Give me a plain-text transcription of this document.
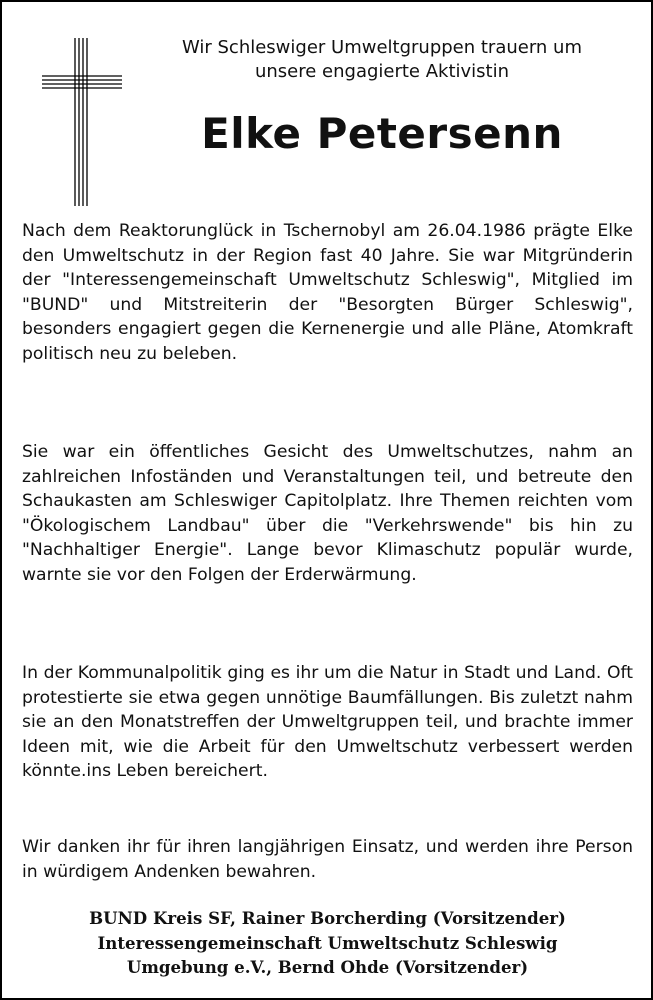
Wir Schleswiger Umweltgruppen trauern um
unsere engagierte Aktivistin
Elke Petersenn

Nach dem Reaktorunglück in Tschernobyl am 26.04.1986 prägte Elke den Umweltschutz in der Region fast 40 Jahre. Sie war Mitgründerin der "Interessengemeinschaft Umweltschutz Schleswig", Mitglied im "BUND" und Mitstreiterin der "Besorgten Bürger Schleswig", besonders engagiert gegen die Kernenergie und alle Pläne, Atomkraft politisch neu zu beleben.

Sie war ein öffentliches Gesicht des Umweltschutzes, nahm an zahlreichen Infoständen und Veranstaltungen teil, und betreute den Schaukasten am Schleswiger Capitolplatz. Ihre Themen reichten vom "Ökologischem Landbau" über die "Verkehrswende" bis hin zu "Nachhaltiger Energie". Lange bevor Klimaschutz populär wurde, warnte sie vor den Folgen der Erderwärmung.

In der Kommunalpolitik ging es ihr um die Natur in Stadt und Land. Oft protestierte sie etwa gegen unnötige Baumfällungen. Bis zuletzt nahm sie an den Monatstreffen der Umweltgruppen teil, und brachte immer Ideen mit, wie die Arbeit für den Umweltschutz verbessert werden könnte.ins Leben bereichert.

Wir danken ihr für ihren langjährigen Einsatz, und werden ihre Person in würdigem Andenken bewahren.

BUND Kreis SF, Rainer Borcherding (Vorsitzender)
Interessengemeinschaft Umweltschutz Schleswig
Umgebung e.V., Bernd Ohde (Vorsitzender)
